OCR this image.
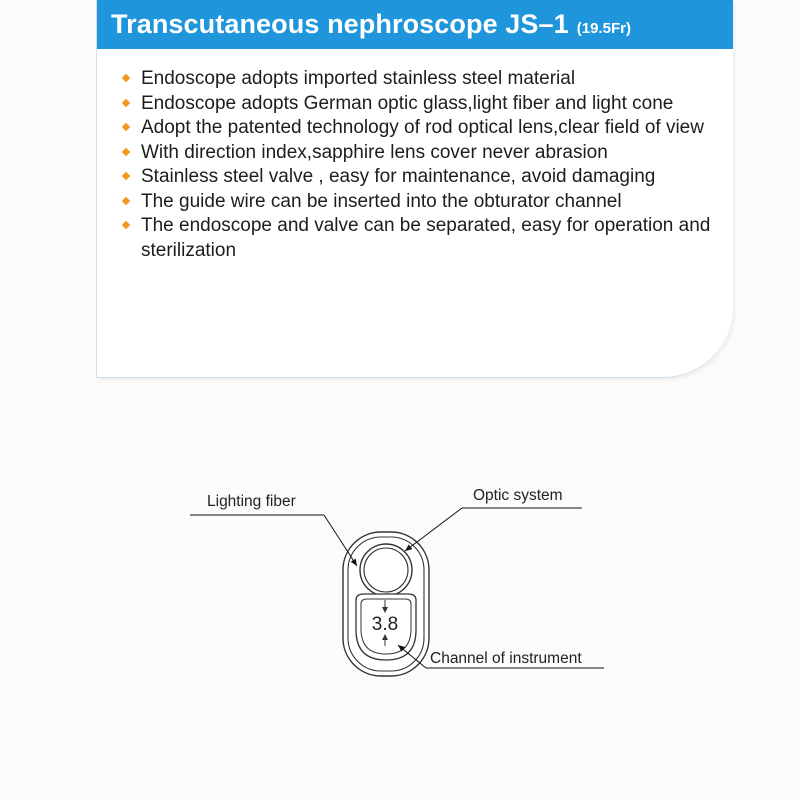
Transcutaneous nephroscope JS–1 (19.5Fr)
Endoscope adopts imported stainless steel material
Endoscope adopts German optic glass,light fiber and light cone
Adopt the patented technology of rod optical lens,clear field of view
With direction index,sapphire lens cover never abrasion
Stainless steel valve , easy for maintenance, avoid damaging
The guide wire can be inserted into the obturator channel
The endoscope and valve can be separated, easy for operation and sterilization
3.8
Lighting fiber	Optic system
Channel of instrument
